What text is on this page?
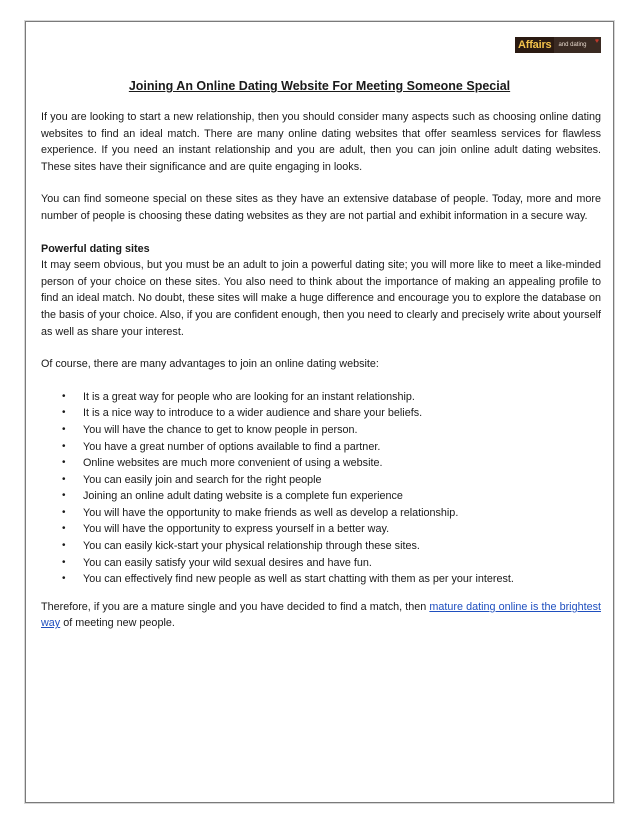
Affairs	and dating ♥
Joining An Online Dating Website For Meeting Someone Special

If you are looking to start a new relationship, then you should consider many aspects such as choosing online dating websites to find an ideal match. There are many online dating websites that offer seamless services for flawless experience. If you need an instant relationship and you are adult, then you can join online adult dating websites. These sites have their significance and are quite engaging in looks.

You can find someone special on these sites as they have an extensive database of people. Today, more and more number of people is choosing these dating websites as they are not partial and exhibit information in a secure way.

Powerful dating sites
It may seem obvious, but you must be an adult to join a powerful dating site; you will more like to meet a like-minded person of your choice on these sites. You also need to think about the importance of making an appealing profile to find an ideal match. No doubt, these sites will make a huge difference and encourage you to explore the database on the basis of your choice. Also, if you are confident enough, then you need to clearly and precisely write about yourself as well as share your interest.

Of course, there are many advantages to join an online dating website:

• It is a great way for people who are looking for an instant relationship.
• It is a nice way to introduce to a wider audience and share your beliefs.
• You will have the chance to get to know people in person.
• You have a great number of options available to find a partner.
• Online websites are much more convenient of using a website.
• You can easily join and search for the right people
• Joining an online adult dating website is a complete fun experience
• You will have the opportunity to make friends as well as develop a relationship.
• You will have the opportunity to express yourself in a better way.
• You can easily kick-start your physical relationship through these sites.
• You can easily satisfy your wild sexual desires and have fun.
• You can effectively find new people as well as start chatting with them as per your interest.

Therefore, if you are a mature single and you have decided to find a match, then mature dating online is the brightest way of meeting new people.
